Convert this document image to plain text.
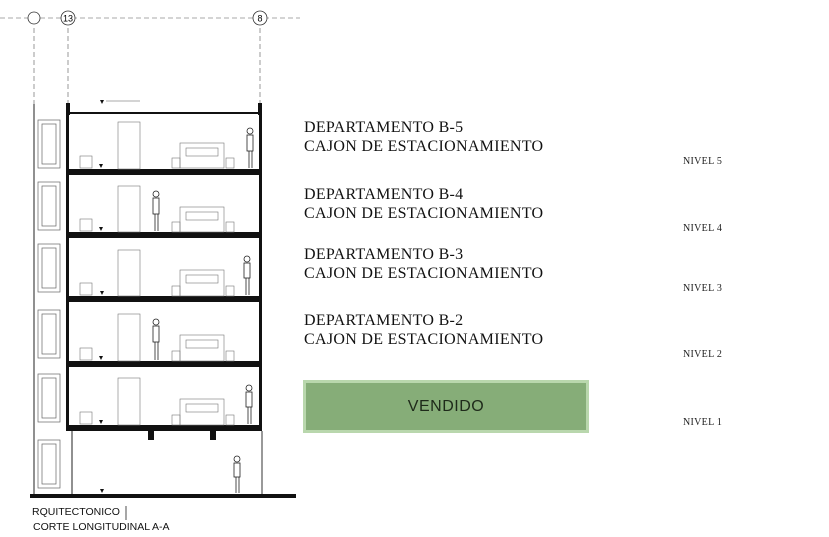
13	8
DEPARTAMENTO B-5
CAJON DE ESTACIONAMIENTO
DEPARTAMENTO B-4
CAJON DE ESTACIONAMIENTO
DEPARTAMENTO B-3
CAJON DE ESTACIONAMIENTO
DEPARTAMENTO B-2
CAJON DE ESTACIONAMIENTO
VENDIDO
NIVEL 5
NIVEL 4
NIVEL 3
NIVEL 2
NIVEL 1
RQUITECTONICO
CORTE LONGITUDINAL A-A
